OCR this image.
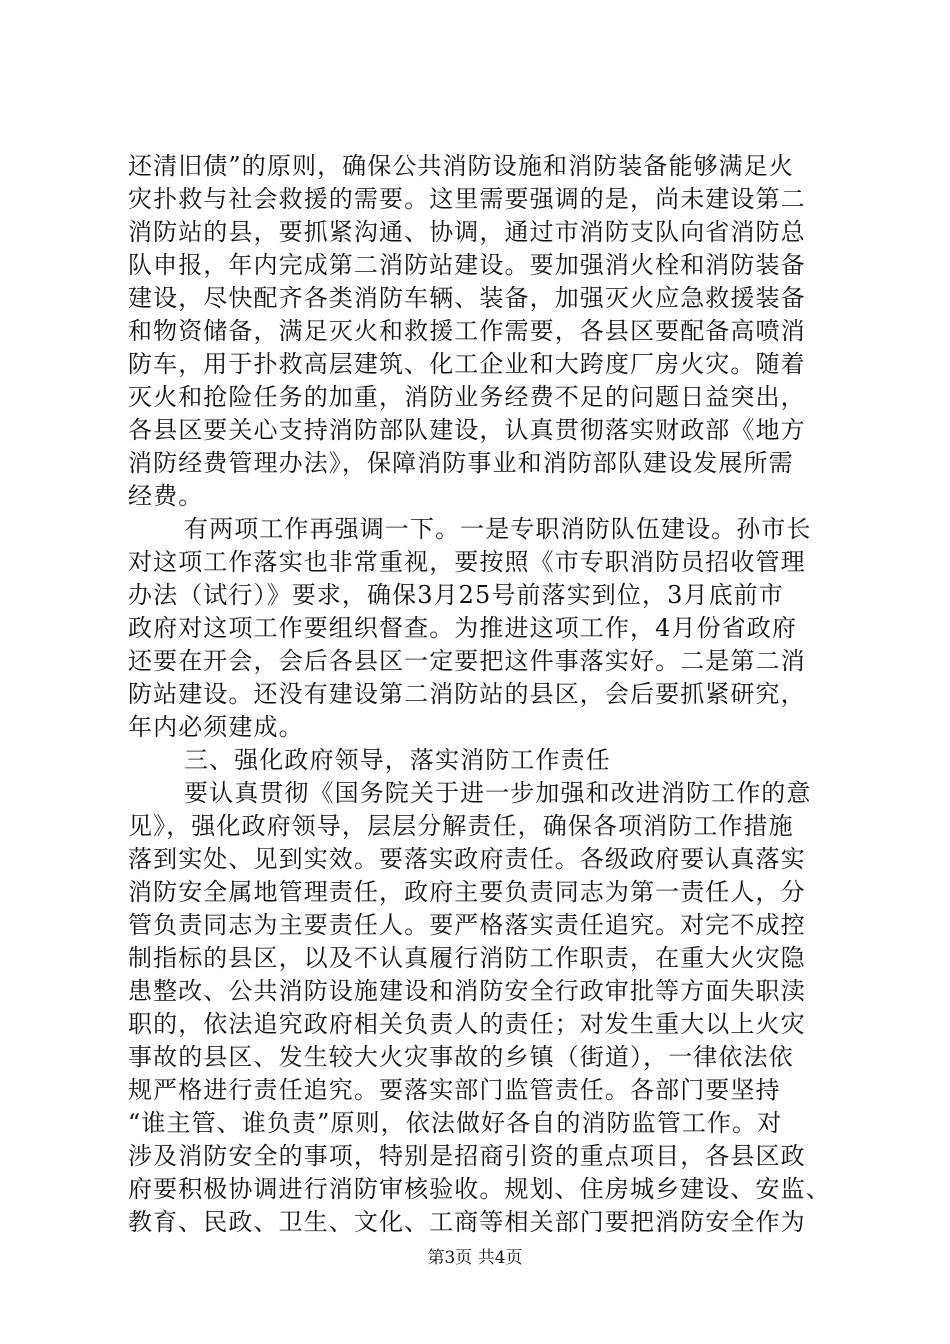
还清旧债”的原则，确保公共消防设施和消防装备能够满足火
灾扑救与社会救援的需要。这里需要强调的是，尚未建设第二
消防站的县，要抓紧沟通、协调，通过市消防支队向省消防总
队申报，年内完成第二消防站建设。要加强消火栓和消防装备
建设，尽快配齐各类消防车辆、装备，加强灭火应急救援装备
和物资储备，满足灭火和救援工作需要，各县区要配备高喷消
防车，用于扑救高层建筑、化工企业和大跨度厂房火灾。随着
灭火和抢险任务的加重，消防业务经费不足的问题日益突出，
各县区要关心支持消防部队建设，认真贯彻落实财政部《地方
消防经费管理办法》，保障消防事业和消防部队建设发展所需
经费。
有两项工作再强调一下。一是专职消防队伍建设。孙市长
对这项工作落实也非常重视，要按照《市专职消防员招收管理
办法（试行）》要求，确保3月25号前落实到位，3月底前市
政府对这项工作要组织督查。为推进这项工作，4月份省政府
还要在开会，会后各县区一定要把这件事落实好。二是第二消
防站建设。还没有建设第二消防站的县区，会后要抓紧研究，
年内必须建成。
三、强化政府领导，落实消防工作责任
要认真贯彻《国务院关于进一步加强和改进消防工作的意
见》，强化政府领导，层层分解责任，确保各项消防工作措施
落到实处、见到实效。要落实政府责任。各级政府要认真落实
消防安全属地管理责任，政府主要负责同志为第一责任人，分
管负责同志为主要责任人。要严格落实责任追究。对完不成控
制指标的县区，以及不认真履行消防工作职责，在重大火灾隐
患整改、公共消防设施建设和消防安全行政审批等方面失职渎
职的，依法追究政府相关负责人的责任；对发生重大以上火灾
事故的县区、发生较大火灾事故的乡镇（街道），一律依法依
规严格进行责任追究。要落实部门监管责任。各部门要坚持
“谁主管、谁负责”原则，依法做好各自的消防监管工作。对
涉及消防安全的事项，特别是招商引资的重点项目，各县区政
府要积极协调进行消防审核验收。规划、住房城乡建设、安监、
教育、民政、卫生、文化、工商等相关部门要把消防安全作为
第3页 共4页
